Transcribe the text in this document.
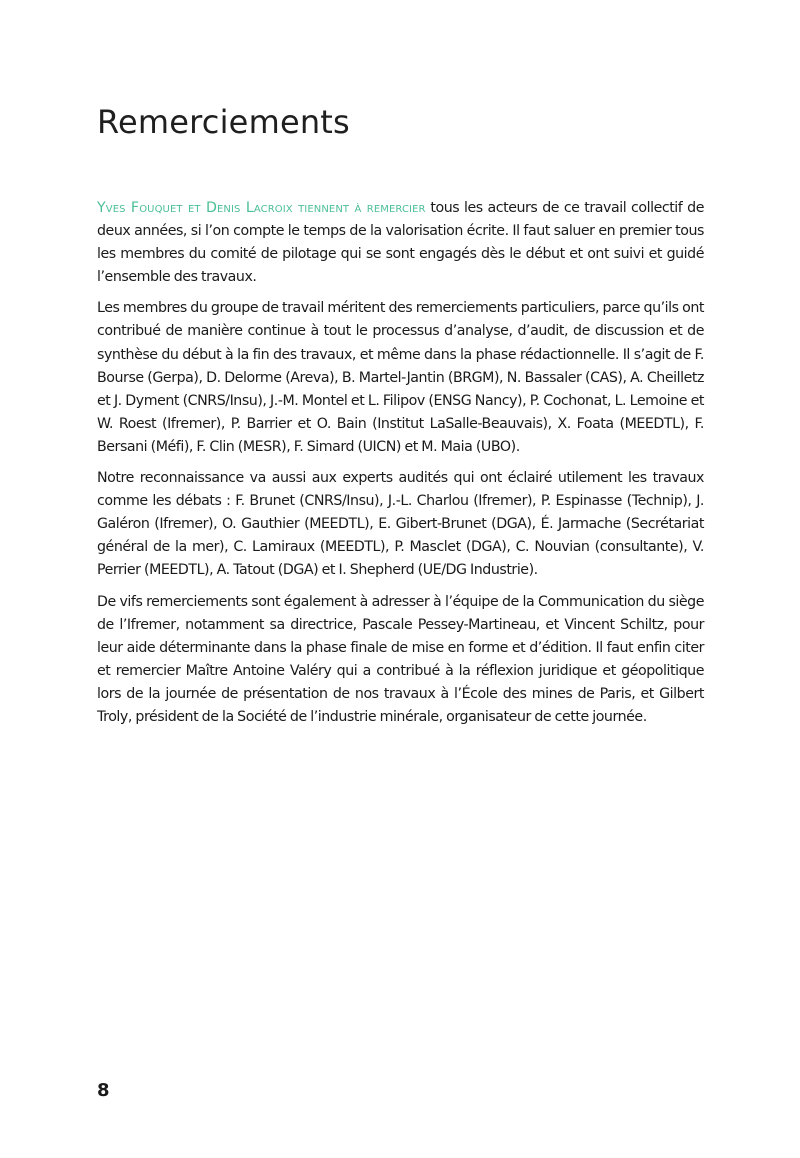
Remerciements

Yves Fouquet et Denis Lacroix tiennent à remercier tous les acteurs de ce travail collectif de deux années, si l’on compte le temps de la valorisation écrite. Il faut saluer en premier tous les membres du comité de pilotage qui se sont engagés dès le début et ont suivi et guidé l’ensemble des travaux.

Les membres du groupe de travail méritent des remerciements particuliers, parce qu’ils ont contribué de manière continue à tout le processus d’analyse, d’audit, de discussion et de synthèse du début à la fin des travaux, et même dans la phase rédactionnelle. Il s’agit de F. Bourse (Gerpa), D. Delorme (Areva), B. Martel-Jantin (BRGM), N. Bassaler (CAS), A. Cheilletz et J. Dyment (CNRS/Insu), J.-M. Montel et L. Filipov (ENSG Nancy), P. Cochonat, L. Lemoine et W. Roest (Ifremer), P. Barrier et O. Bain (Institut LaSalle-Beauvais), X. Foata (MEEDTL), F. Bersani (Méfi), F. Clin (MESR), F. Simard (UICN) et M. Maia (UBO).

Notre reconnaissance va aussi aux experts audités qui ont éclairé utilement les travaux comme les débats : F. Brunet (CNRS/Insu), J.-L. Charlou (Ifremer), P. Espinasse (Technip), J. Galéron (Ifremer), O. Gauthier (MEEDTL), E. Gibert-Brunet (DGA), É. Jarmache (Secrétariat général de la mer), C. Lamiraux (MEEDTL), P. Masclet (DGA), C. Nouvian (consultante), V. Perrier (MEEDTL), A. Tatout (DGA) et I. Shepherd (UE/DG Industrie).

De vifs remerciements sont également à adresser à l’équipe de la Communication du siège de l’Ifremer, notamment sa directrice, Pascale Pessey-Martineau, et Vincent Schiltz, pour leur aide déterminante dans la phase finale de mise en forme et d’édition. Il faut enfin citer et remercier Maître Antoine Valéry qui a contribué à la réflexion juridique et géopolitique lors de la journée de présentation de nos travaux à l’École des mines de Paris, et Gilbert Troly, président de la Société de l’industrie minérale, organisateur de cette journée.

8
